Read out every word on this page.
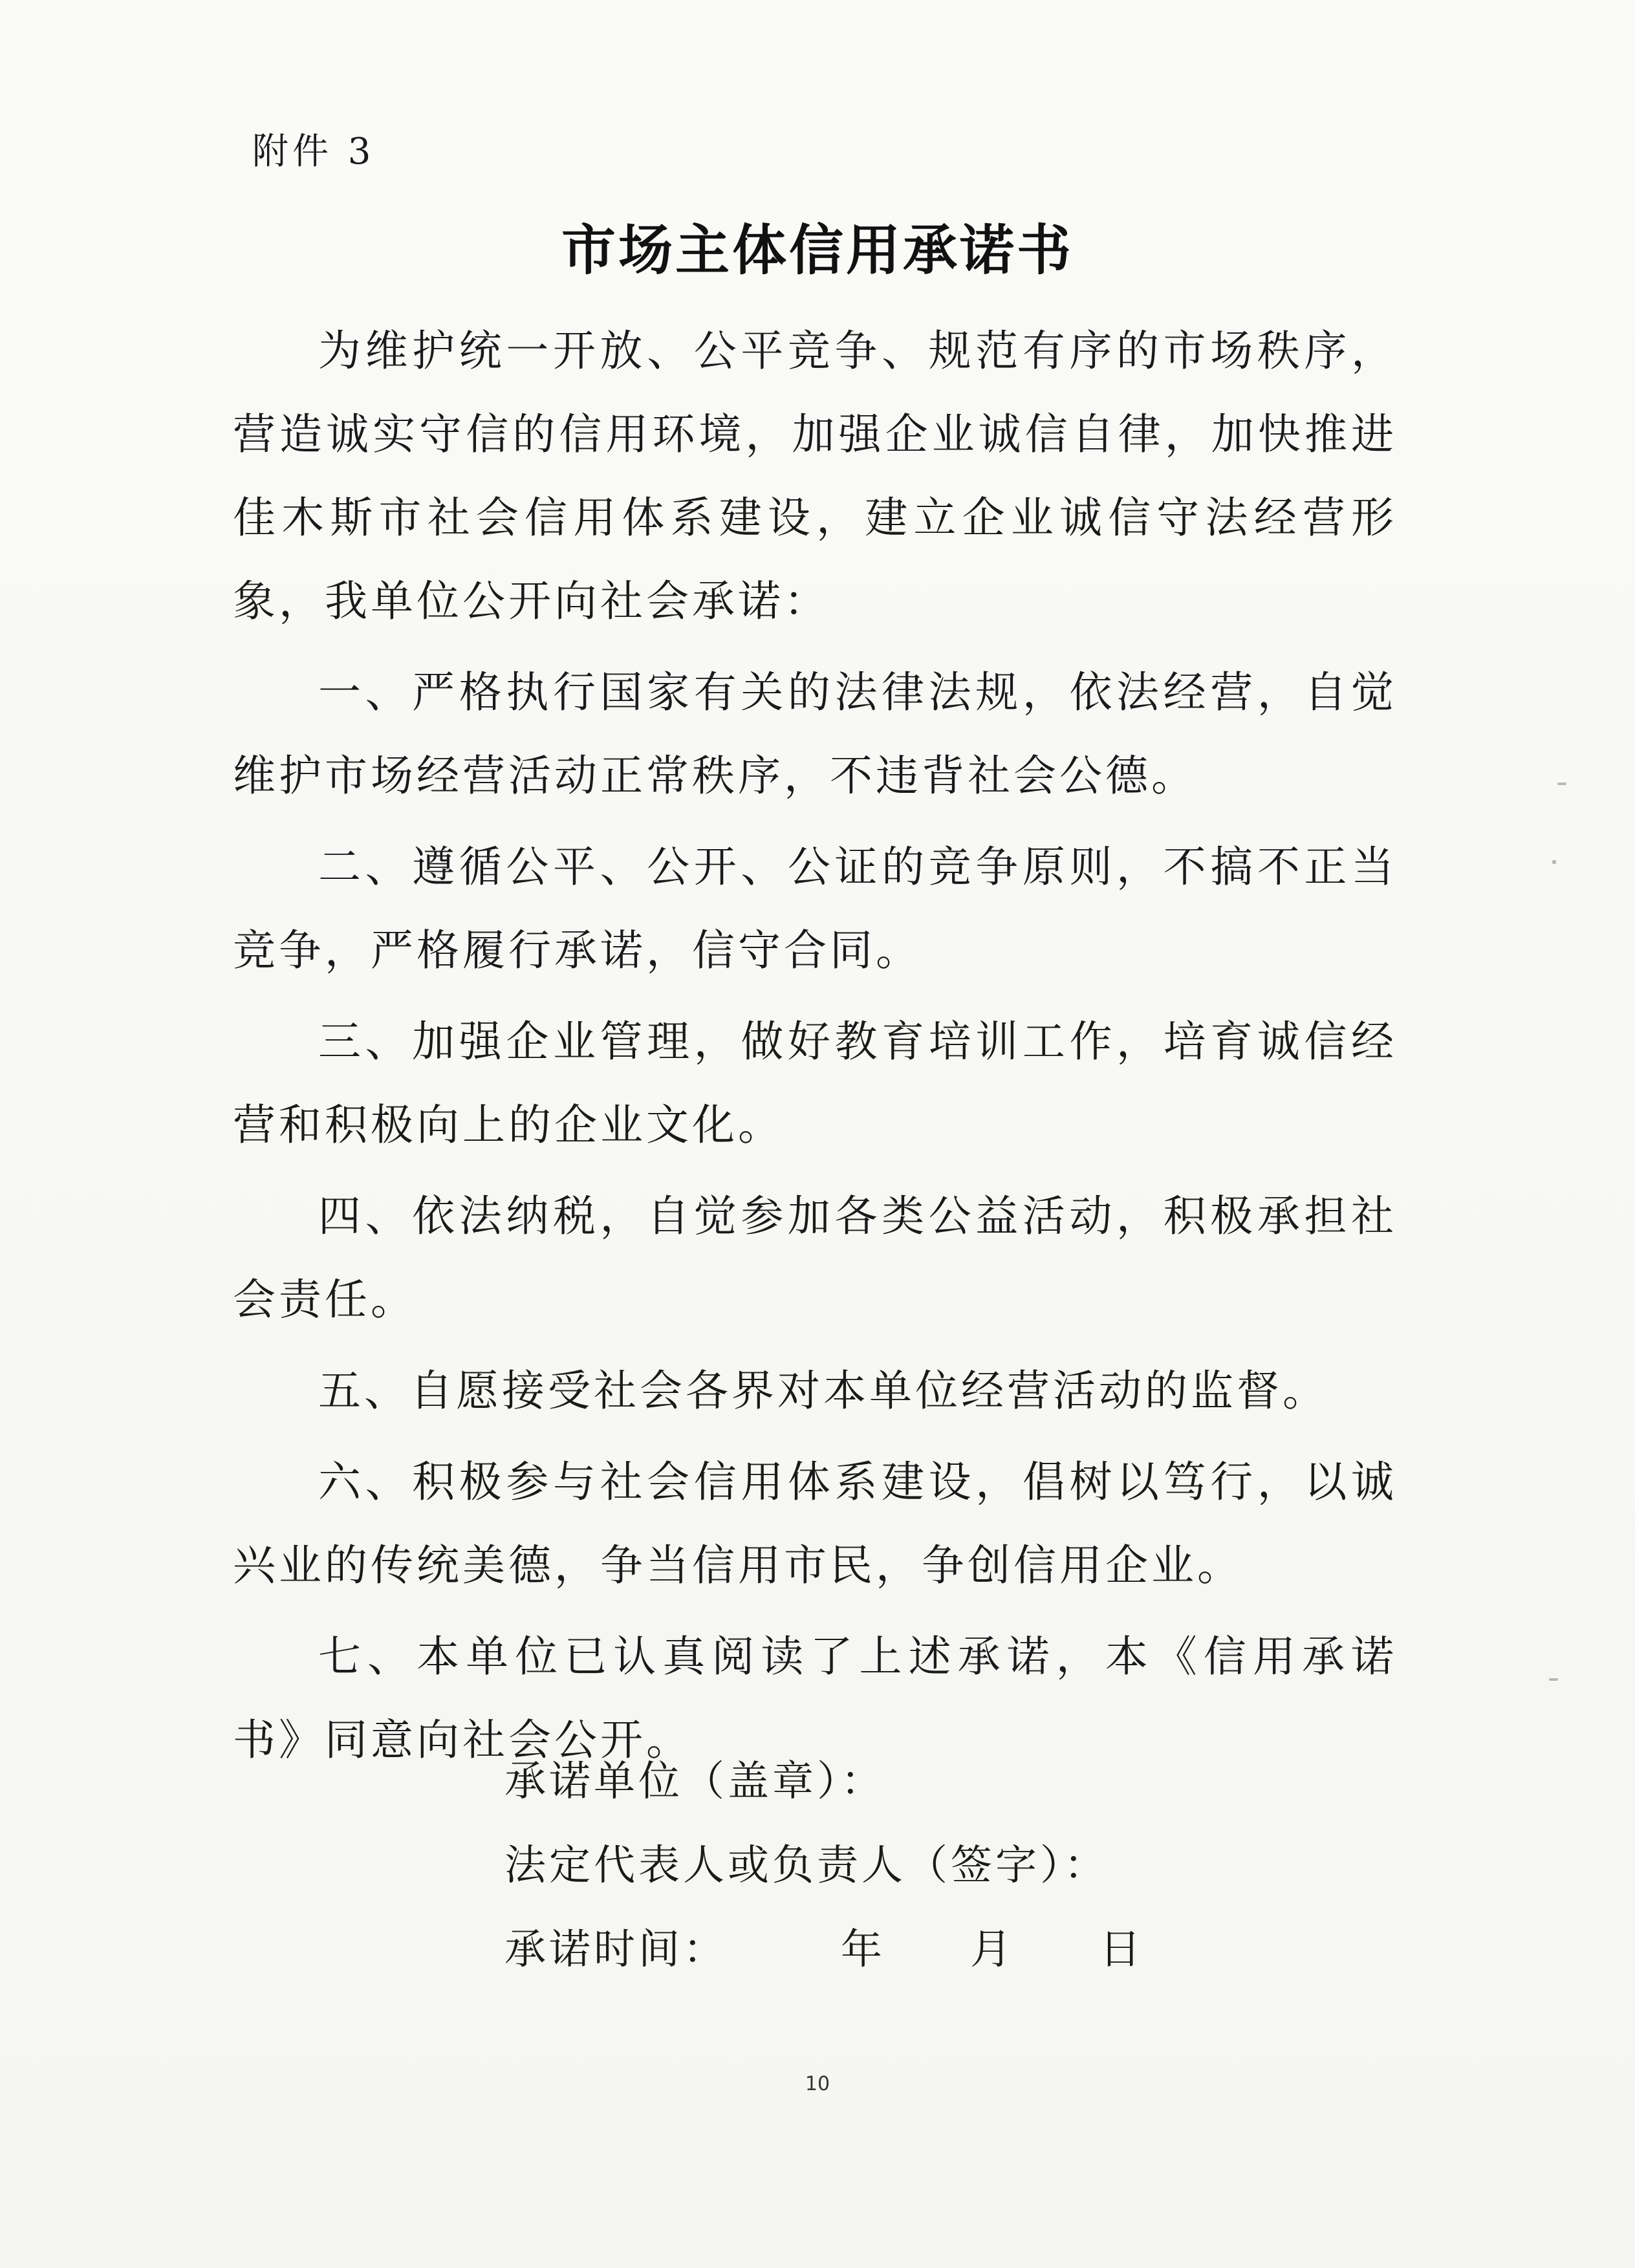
附件 3
市场主体信用承诺书

为维护统一开放、公平竞争、规范有序的市场秩序，营造诚实守信的信用环境，加强企业诚信自律，加快推进佳木斯市社会信用体系建设，建立企业诚信守法经营形象，我单位公开向社会承诺：

一、严格执行国家有关的法律法规，依法经营，自觉维护市场经营活动正常秩序，不违背社会公德。

二、遵循公平、公开、公证的竞争原则，不搞不正当竞争，严格履行承诺，信守合同。

三、加强企业管理，做好教育培训工作，培育诚信经营和积极向上的企业文化。

四、依法纳税，自觉参加各类公益活动，积极承担社会责任。

五、自愿接受社会各界对本单位经营活动的监督。

六、积极参与社会信用体系建设，倡树以笃行，以诚兴业的传统美德，争当信用市民，争创信用企业。

七、本单位已认真阅读了上述承诺，本《信用承诺书》同意向社会公开。

承诺单位（盖章）：
法定代表人或负责人（签字）：
承诺时间：	年	月	日
10
